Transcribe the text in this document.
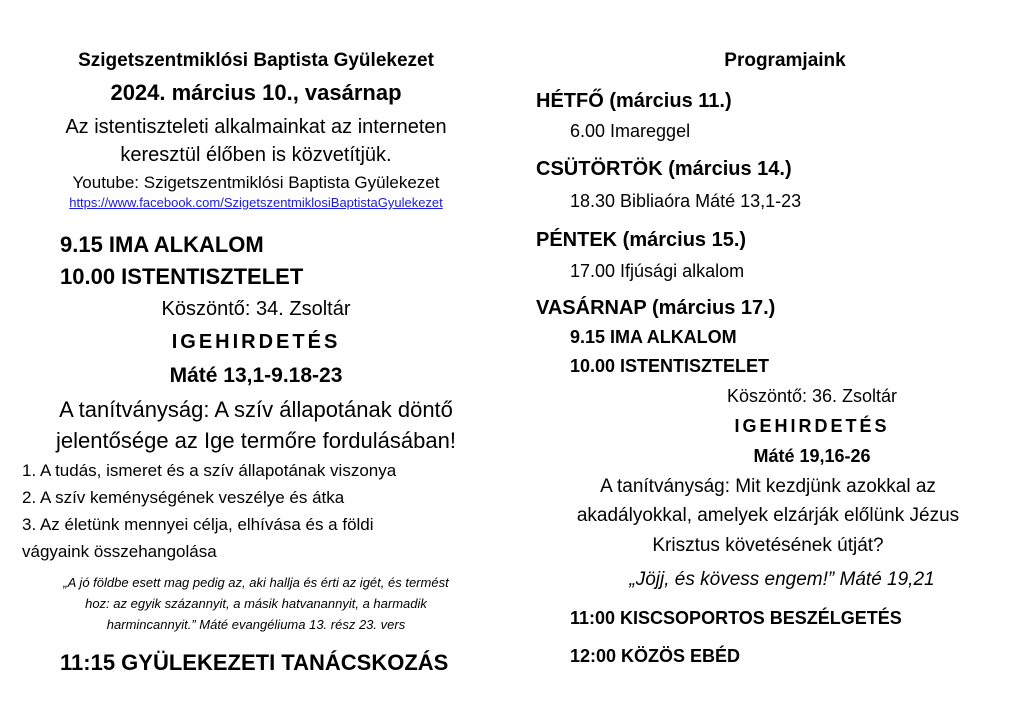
Szigetszentmiklósi Baptista Gyülekezet
2024. március 10., vasárnap
Az istentiszteleti alkalmainkat az interneten
keresztül élőben is közvetítjük.
Youtube: Szigetszentmiklósi Baptista Gyülekezet
https://www.facebook.com/SzigetszentmiklosiBaptistaGyulekezet
9.15 IMA ALKALOM
10.00 ISTENTISZTELET
Köszöntő: 34. Zsoltár
IGEHIRDETÉS
Máté 13,1-9.18-23
A tanítványság: A szív állapotának döntő
jelentősége az Ige termőre fordulásában!
1. A tudás, ismeret és a szív állapotának viszonya
2. A szív keménységének veszélye és átka
3. Az életünk mennyei célja, elhívása és a földi
vágyaink összehangolása
„A jó földbe esett mag pedig az, aki hallja és érti az igét, és termést
hoz: az egyik százannyit, a másik hatvanannyit, a harmadik
harmincannyit.” Máté evangéliuma 13. rész 23. vers
11:15 GYÜLEKEZETI TANÁCSKOZÁS
Programjaink
HÉTFŐ (március 11.)
6.00 Imareggel
CSÜTÖRTÖK (március 14.)
18.30 Bibliaóra Máté 13,1-23
PÉNTEK (március 15.)
17.00 Ifjúsági alkalom
VASÁRNAP (március 17.)
9.15 IMA ALKALOM
10.00 ISTENTISZTELET
Köszöntő: 36. Zsoltár
IGEHIRDETÉS
Máté 19,16-26
A tanítványság: Mit kezdjünk azokkal az
akadályokkal, amelyek elzárják előlünk Jézus
Krisztus követésének útját?
„Jöjj, és kövess engem!” Máté 19,21
11:00 KISCSOPORTOS BESZÉLGETÉS
12:00 KÖZÖS EBÉD
